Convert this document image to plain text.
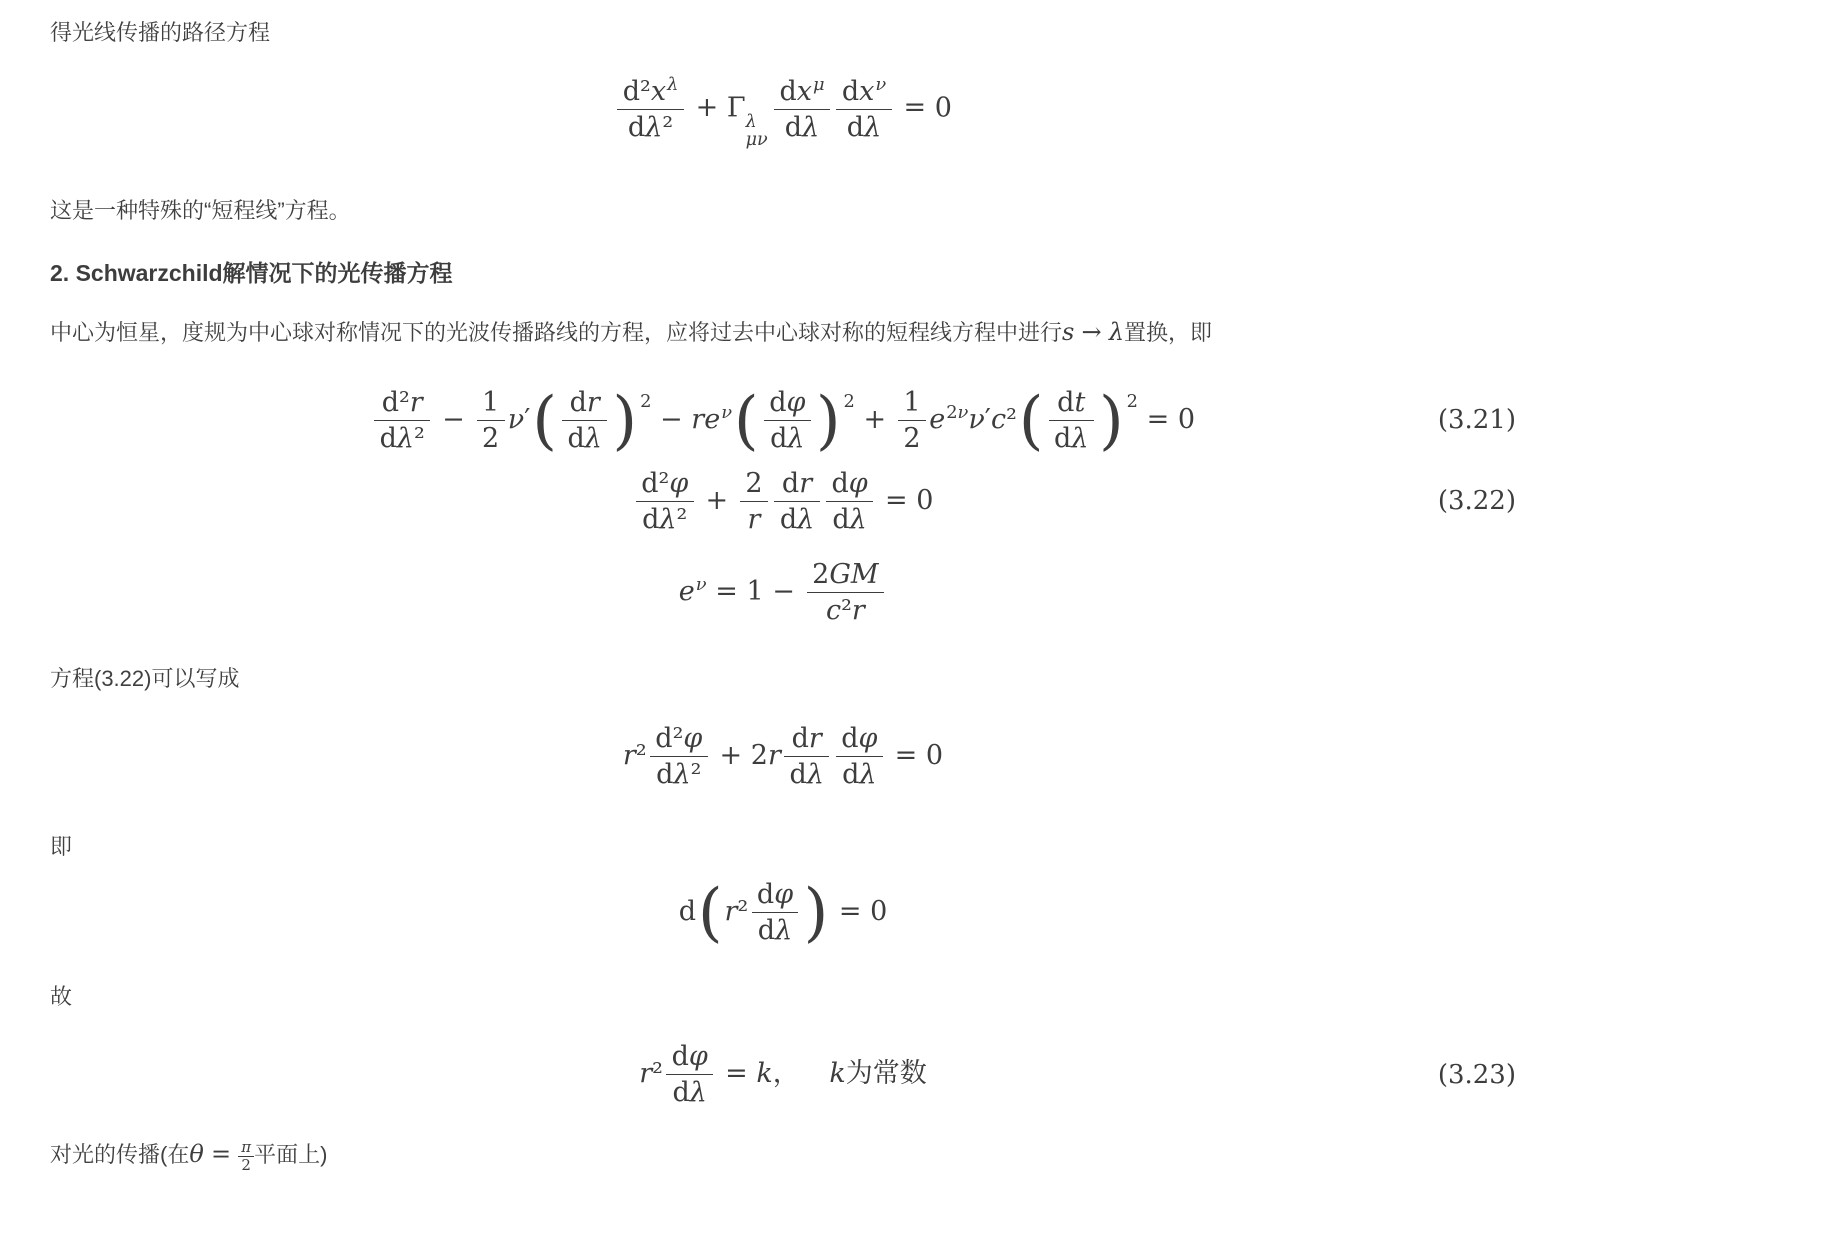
得光线传播的路径方程

$\frac{d^2x^\lambda}{\text{dλ²}} + \Gamma$ λ
μν $\frac{dx^\mu}{d\lambda} \frac{dx^\nu}{d\lambda} = 0$

这是一种特殊的“短程线”方程。

2. Schwarzchild解情况下的光传播方程

中心为恒星，度规为中心球对称情况下的光波传播路线的方程，应将过去中心球对称的短程线方程中进行s → λ置换，即

$\frac{\text{d²r}}{\text{dλ²}} - \frac{1}{2} \nu'( \frac{dr}{d\lambda}$ ) $^2- re^\nu( \frac{d\varphi}{d\lambda}$ ) $^2+ \frac{1}{2} e^{2\nu}\nu'c^2( \frac{dt}{d\lambda}$ ) $^2$= 0	(3.21)
$\frac{\text{d²φ}}{\text{dλ²}} + \frac{2}{r} \frac{dr}{d\lambda} \frac{d\varphi}{d\lambda} = 0$	(3.22)
$e^\nu = 1 - \frac{2GM}{\text{c²r}}$

方程(3.22)可以写成

$r^2 \frac{\text{d²φ}}{\text{dλ²}} + 2r \frac{dr}{d\lambda} \frac{d\varphi}{d\lambda} = 0$

即

$d(r^2 \frac{d\varphi}{d\lambda}$ ) = 0

故

$r^2 \frac{d\varphi}{d\lambda} = k$， k为常数	(3.23)

对光的传播(在$\theta = \frac{\pi}{2}$ 平面上)
